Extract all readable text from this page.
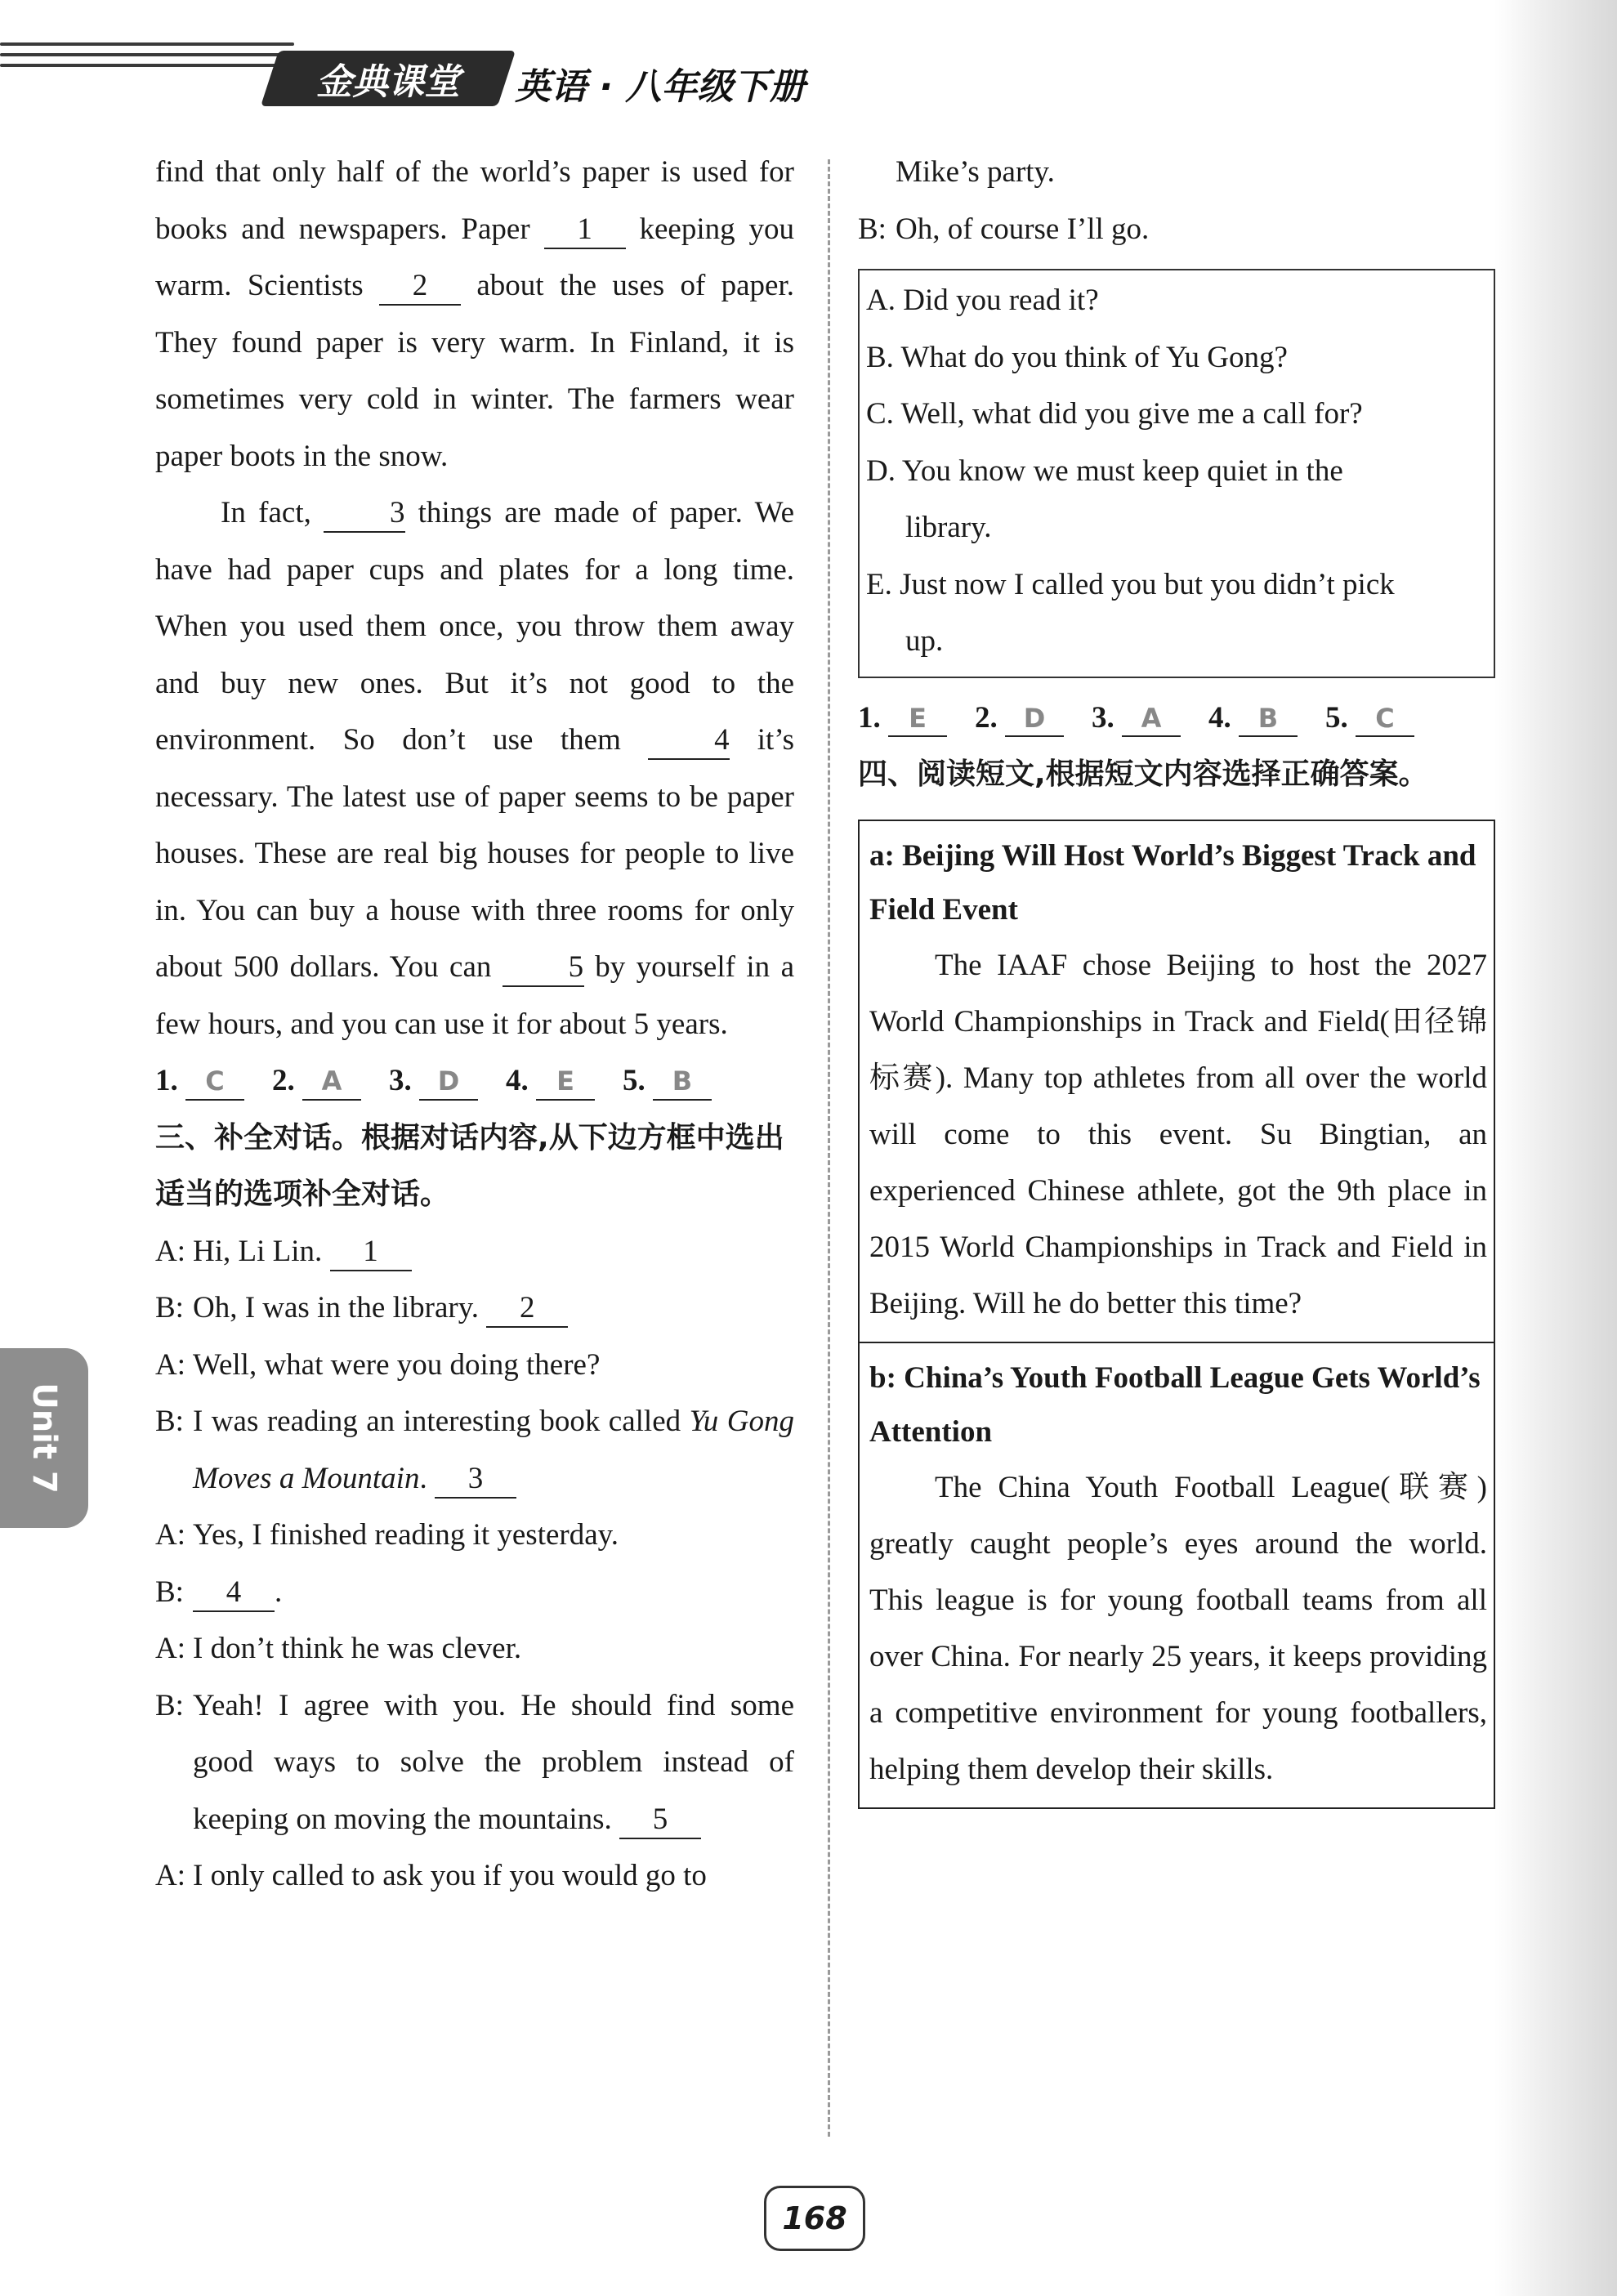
金典课堂 英语 · 八年级下册
Unit 7

find that only half of the world’s paper is used for books and newspapers. Paper 1 keeping you warm. Scientists 2 about the uses of paper. They found paper is very warm. In Finland, it is sometimes very cold in winter. The farmers wear paper boots in the snow.

In fact,	3 things are made of paper. We have had paper cups and plates for a long time. When you used them once, you throw them away and buy new ones. But it’s not good to the environment. So don’t use them	4 it’s necessary. The latest use of paper seems to be paper houses. These are real big houses for people to live in. You can buy a house with three rooms for only about 500 dollars. You can	5 by yourself in a few hours, and you can use it for about 5 years.

1. C	2. A	3. D	4. E	5. B

三、补全对话。根据对话内容,从下边方框中选出适当的选项补全对话。

A: Hi, Li Lin. 1
B: Oh, I was in the library. 2
A: Well, what were you doing there?
B: I was reading an interesting book called Yu Gong Moves a Mountain. 3
A: Yes, I finished reading it yesterday.
B:	4 .
A: I don’t think he was clever.
B: Yeah! I agree with you. He should find some good ways to solve the problem instead of keeping on moving the mountains. 5
A: I only called to ask you if you would go to

Mike’s party.

B: Oh, of course I’ll go.

A. Did you read it?

B. What do you think of Yu Gong?

C. Well, what did you give me a call for?

D. You know we must keep quiet in the

library.

E. Just now I called you but you didn’t pick

up.

1. E	2. D	3. A	4. B	5. C

四、阅读短文,根据短文内容选择正确答案。

a: Beijing Will Host World’s Biggest Track and Field Event

The IAAF chose Beijing to host the 2027 World Championships in Track and Field(田径锦标赛). Many top athletes from all over the world will come to this event. Su Bingtian, an experienced Chinese athlete, got the 9th place in 2015 World Championships in Track and Field in Beijing. Will he do better this time?

b: China’s Youth Football League Gets World’s Attention

The China Youth Football League(联赛) greatly caught people’s eyes around the world. This league is for young football teams from all over China. For nearly 25 years, it keeps providing a competitive environment for young footballers, helping them develop their skills.

168
